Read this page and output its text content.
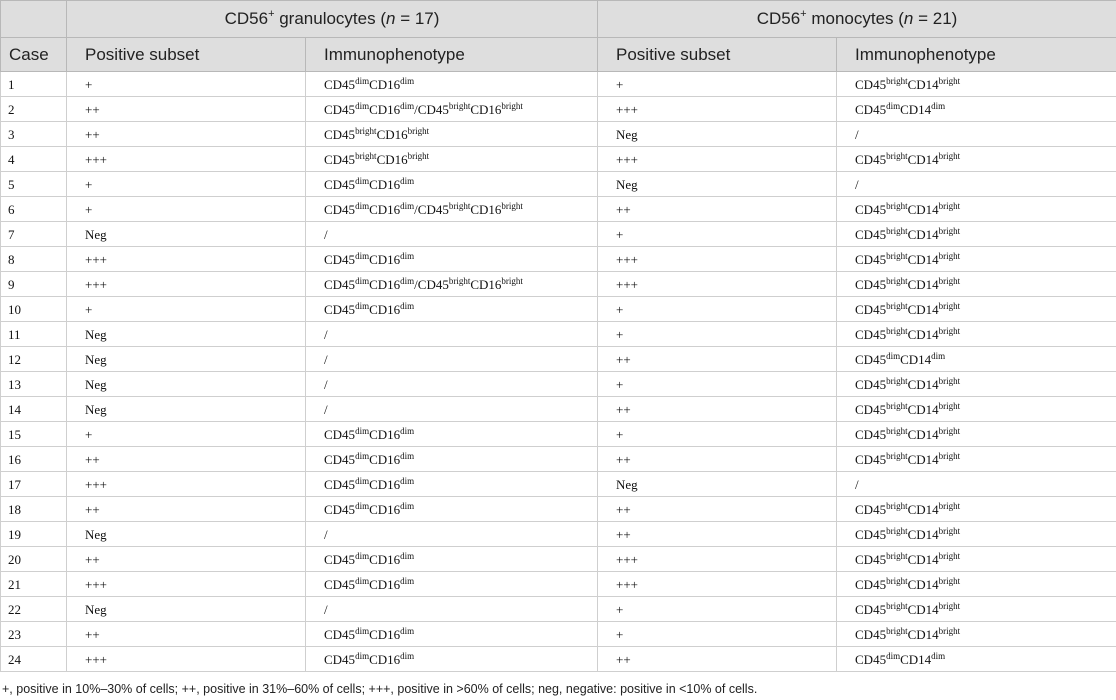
	CD56+ granulocytes (n = 17)		CD56+ monocytes (n = 21)	
Case	Positive subset	Immunophenotype	Positive subset	Immunophenotype
1	+	$CD45^{dim}CD16^{dim}$	+	$CD45^{bright}CD14^{bright}$
2	++	$CD45^{dim}CD16^{dim}/CD45^{bright}CD16^{bright}$	+++	$CD45^{dim}CD14^{dim}$
3	++	$CD45^{bright}CD16^{bright}$	Neg	/
4	+++	$CD45^{bright}CD16^{bright}$	+++	$CD45^{bright}CD14^{bright}$
5	+	$CD45^{dim}CD16^{dim}$	Neg	/
6	+	$CD45^{dim}CD16^{dim}/CD45^{bright}CD16^{bright}$	++	$CD45^{bright}CD14^{bright}$
7	Neg	/	+	$CD45^{bright}CD14^{bright}$
8	+++	$CD45^{dim}CD16^{dim}$	+++	$CD45^{bright}CD14^{bright}$
9	+++	$CD45^{dim}CD16^{dim}/CD45^{bright}CD16^{bright}$	+++	$CD45^{bright}CD14^{bright}$
10	+	$CD45^{dim}CD16^{dim}$	+	$CD45^{bright}CD14^{bright}$
11	Neg	/	+	$CD45^{bright}CD14^{bright}$
12	Neg	/	++	$CD45^{dim}CD14^{dim}$
13	Neg	/	+	$CD45^{bright}CD14^{bright}$
14	Neg	/	++	$CD45^{bright}CD14^{bright}$
15	+	$CD45^{dim}CD16^{dim}$	+	$CD45^{bright}CD14^{bright}$
16	++	$CD45^{dim}CD16^{dim}$	++	$CD45^{bright}CD14^{bright}$
17	+++	$CD45^{dim}CD16^{dim}$	Neg	/
18	++	$CD45^{dim}CD16^{dim}$	++	$CD45^{bright}CD14^{bright}$
19	Neg	/	++	$CD45^{bright}CD14^{bright}$
20	++	$CD45^{dim}CD16^{dim}$	+++	$CD45^{bright}CD14^{bright}$
21	+++	$CD45^{dim}CD16^{dim}$	+++	$CD45^{bright}CD14^{bright}$
22	Neg	/	+	$CD45^{bright}CD14^{bright}$
23	++	$CD45^{dim}CD16^{dim}$	+	$CD45^{bright}CD14^{bright}$
24	+++	$CD45^{dim}CD16^{dim}$	++	$CD45^{dim}CD14^{dim}$
+, positive in 10%–30% of cells; ++, positive in 31%–60% of cells; +++, positive in >60% of cells; neg, negative: positive in <10% of cells.
